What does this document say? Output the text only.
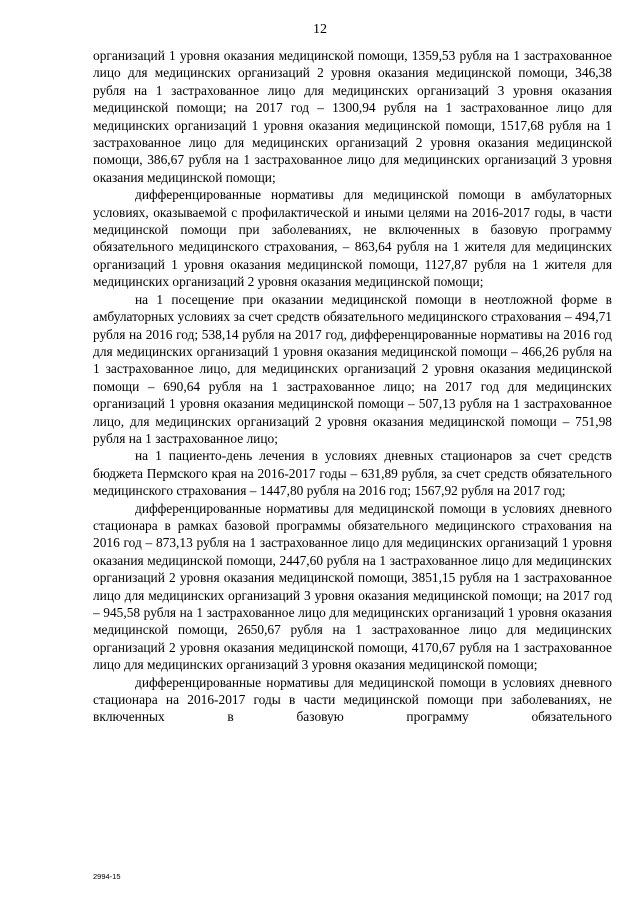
12

организаций 1 уровня оказания медицинской помощи, 1359,53 рубля на 1 застрахованное лицо для медицинских организаций 2 уровня оказания медицинской помощи, 346,38 рубля на 1 застрахованное лицо для медицинских организаций 3 уровня оказания медицинской помощи; на 2017 год – 1300,94 рубля на 1 застрахованное лицо для медицинских организаций 1 уровня оказания медицинской помощи, 1517,68 рубля на 1 застрахованное лицо для медицинских организаций 2 уровня оказания медицинской помощи, 386,67 рубля на 1 застрахованное лицо для медицинских организаций 3 уровня оказания медицинской помощи;

дифференцированные нормативы для медицинской помощи в амбулаторных условиях, оказываемой с профилактической и иными целями на 2016-2017 годы, в части медицинской помощи при заболеваниях, не включенных в базовую программу обязательного медицинского страхования, – 863,64 рубля на 1 жителя для медицинских организаций 1 уровня оказания медицинской помощи, 1127,87 рубля на 1 жителя для медицинских организаций 2 уровня оказания медицинской помощи;

на 1 посещение при оказании медицинской помощи в неотложной форме в амбулаторных условиях за счет средств обязательного медицинского страхования – 494,71 рубля на 2016 год; 538,14 рубля на 2017 год, дифференцированные нормативы на 2016 год для медицинских организаций 1 уровня оказания медицинской помощи – 466,26 рубля на 1 застрахованное лицо, для медицинских организаций 2 уровня оказания медицинской помощи – 690,64 рубля на 1 застрахованное лицо; на 2017 год для медицинских организаций 1 уровня оказания медицинской помощи – 507,13 рубля на 1 застрахованное лицо, для медицинских организаций 2 уровня оказания медицинской помощи – 751,98 рубля на 1 застрахованное лицо;

на 1 пациенто-день лечения в условиях дневных стационаров за счет средств бюджета Пермского края на 2016-2017 годы – 631,89 рубля, за счет средств обязательного медицинского страхования – 1447,80 рубля на 2016 год; 1567,92 рубля на 2017 год;

дифференцированные нормативы для медицинской помощи в условиях дневного стационара в рамках базовой программы обязательного медицинского страхования на 2016 год – 873,13 рубля на 1 застрахованное лицо для медицинских организаций 1 уровня оказания медицинской помощи, 2447,60 рубля на 1 застрахованное лицо для медицинских организаций 2 уровня оказания медицинской помощи, 3851,15 рубля на 1 застрахованное лицо для медицинских организаций 3 уровня оказания медицинской помощи; на 2017 год – 945,58 рубля на 1 застрахованное лицо для медицинских организаций 1 уровня оказания медицинской помощи, 2650,67 рубля на 1 застрахованное лицо для медицинских организаций 2 уровня оказания медицинской помощи, 4170,67 рубля на 1 застрахованное лицо для медицинских организаций 3 уровня оказания медицинской помощи;

дифференцированные нормативы для медицинской помощи в условиях дневного стационара на 2016-2017 годы в части медицинской помощи при заболеваниях, не включенных в базовую программу обязательного

2994-15
